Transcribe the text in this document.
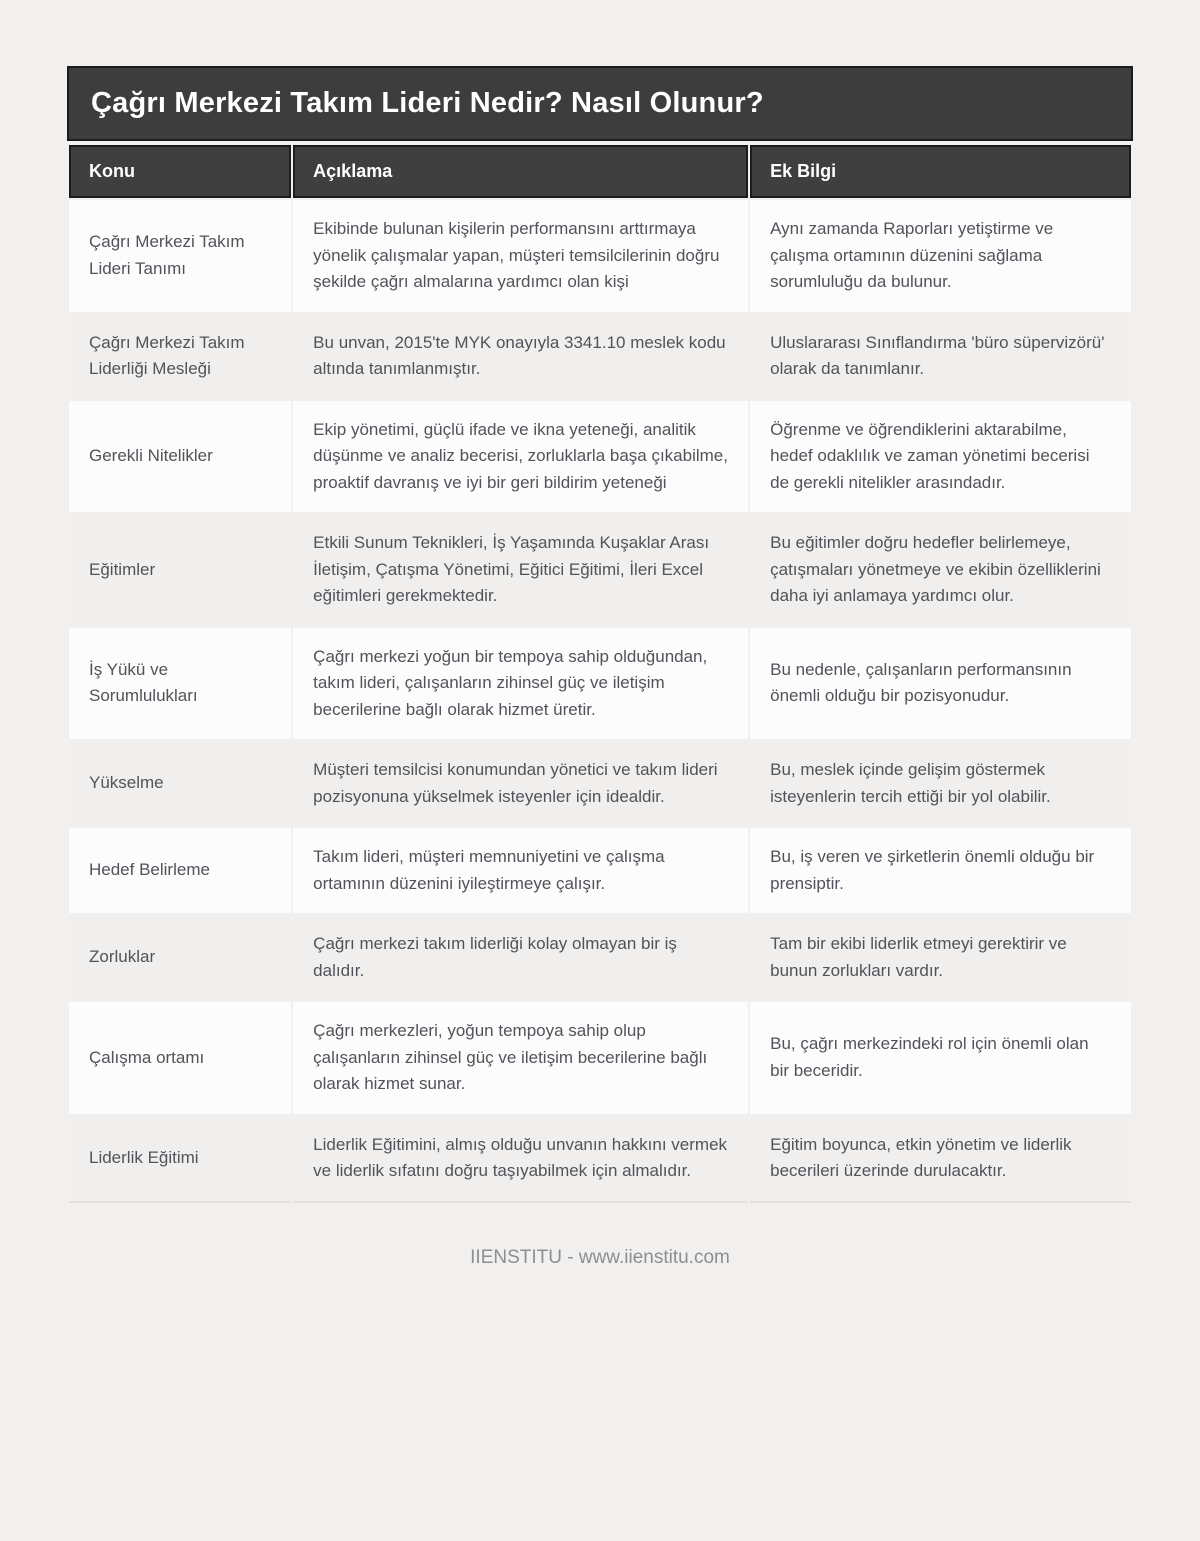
Çağrı Merkezi Takım Lideri Nedir? Nasıl Olunur?
Konu	Açıklama	Ek Bilgi
Çağrı Merkezi Takım Lideri Tanımı	Ekibinde bulunan kişilerin performansını arttırmaya yönelik çalışmalar yapan, müşteri temsilcilerinin doğru şekilde çağrı almalarına yardımcı olan kişi	Aynı zamanda Raporları yetiştirme ve çalışma ortamının düzenini sağlama sorumluluğu da bulunur.
Çağrı Merkezi Takım Liderliği Mesleği	Bu unvan, 2015'te MYK onayıyla 3341.10 meslek kodu altında tanımlanmıştır.	Uluslararası Sınıflandırma 'büro süpervizörü' olarak da tanımlanır.
Gerekli Nitelikler	Ekip yönetimi, güçlü ifade ve ikna yeteneği, analitik düşünme ve analiz becerisi, zorluklarla başa çıkabilme, proaktif davranış ve iyi bir geri bildirim yeteneği	Öğrenme ve öğrendiklerini aktarabilme, hedef odaklılık ve zaman yönetimi becerisi de gerekli nitelikler arasındadır.
Eğitimler	Etkili Sunum Teknikleri, İş Yaşamında Kuşaklar Arası İletişim, Çatışma Yönetimi, Eğitici Eğitimi, İleri Excel eğitimleri gerekmektedir.	Bu eğitimler doğru hedefler belirlemeye, çatışmaları yönetmeye ve ekibin özelliklerini daha iyi anlamaya yardımcı olur.
İş Yükü ve Sorumlulukları	Çağrı merkezi yoğun bir tempoya sahip olduğundan, takım lideri, çalışanların zihinsel güç ve iletişim becerilerine bağlı olarak hizmet üretir.	Bu nedenle, çalışanların performansının önemli olduğu bir pozisyonudur.
Yükselme	Müşteri temsilcisi konumundan yönetici ve takım lideri pozisyonuna yükselmek isteyenler için idealdir.	Bu, meslek içinde gelişim göstermek isteyenlerin tercih ettiği bir yol olabilir.
Hedef Belirleme	Takım lideri, müşteri memnuniyetini ve çalışma ortamının düzenini iyileştirmeye çalışır.	Bu, iş veren ve şirketlerin önemli olduğu bir prensiptir.
Zorluklar	Çağrı merkezi takım liderliği kolay olmayan bir iş dalıdır.	Tam bir ekibi liderlik etmeyi gerektirir ve bunun zorlukları vardır.
Çalışma ortamı	Çağrı merkezleri, yoğun tempoya sahip olup çalışanların zihinsel güç ve iletişim becerilerine bağlı olarak hizmet sunar.	Bu, çağrı merkezindeki rol için önemli olan bir beceridir.
Liderlik Eğitimi	Liderlik Eğitimini, almış olduğu unvanın hakkını vermek ve liderlik sıfatını doğru taşıyabilmek için almalıdır.	Eğitim boyunca, etkin yönetim ve liderlik becerileri üzerinde durulacaktır.
IIENSTITU - www.iienstitu.com
